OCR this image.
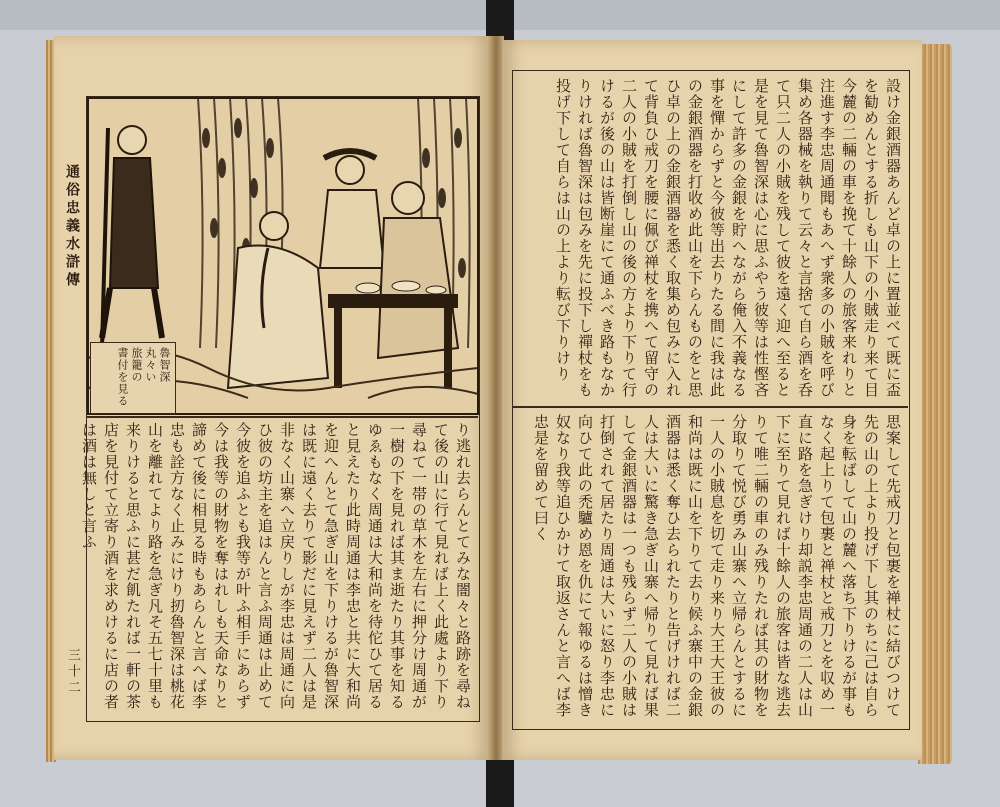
通俗忠義水滸傳
三十二
魯智深
丸々い
旅籠の
書付を見る
り逃れ去らんとてみな闇々と路跡を尋ねて後の山に行て見れば上く此處より下り尋ねて一帯の草木を左右に押分け周通が一樹の下を見れば其ま逝たり其事を知るゆゑもなく周通は大和尚を待佗ひて居ると見えたり此時周通は李忠と共に大和尚を迎へんとて急ぎ山を下りけるが魯智深は既に遠く去りて影だに見えず二人は是非なく山寨へ立戻りしが李忠は周通に向ひ彼の坊主を追はんと言ふ周通は止めて今彼を追ふとも我等が叶ふ相手にあらず今は我等の財物を奪はれしも天命なりと諦めて後に相見る時もあらんと言へば李忠も詮方なく止みにけり扨魯智深は桃花山を離れてより路を急ぎ凡そ五七十里も来りけると思ふに甚だ飢たれば一軒の茶店を見付て立寄り酒を求めけるに店の者は酒は無しと言ふ
設け金銀酒器あんど卓の上に置並べて既に盃を勧めんとする折しも山下の小賊走り来て目今麓の二輛の車を挽て十餘人の旅客来れりと注進す李忠周通聞もあへず衆多の小賊を呼び集め各器械を執りて云々と言捨て自ら酒を呑て只二人の小賊を残して彼を遠く迎へ至ると是を見て魯智深は心に思ふやう彼等は性慳吝にして許多の金銀を貯へながら俺入不義なる事を憚からずと今彼等出去りたる間に我は此の金銀酒器を打收め此山を下らんものをと思ひ卓の上の金銀酒器を悉く取集め包みに入れて背負ひ戒刀を腰に佩び禅杖を携へて留守の二人の小賊を打倒し山の後の方より下りて行けるが後の山は皆断崖にて通ふべき路もなかりければ魯智深は包みを先に投下し禪杖をも投げ下して自らは山の上より転び下りけり
思案して先戒刀と包裹を禅杖に結びつけて先の山の上より投げ下し其のちに己は自ら身を転ばして山の麓へ落ち下りけるが事もなく起上りて包裹と禅杖と戒刀とを収め一直に路を急ぎけり却説李忠周通の二人は山下に至りて見れば十餘人の旅客は皆な逃去りて唯二輛の車のみ残りたれば其の財物を分取りて悦び勇み山寨へ立帰らんとするに一人の小賊息を切て走り来り大王大王彼の和尚は既に山を下りて去り候ふ寨中の金銀酒器は悉く奪ひ去られたりと告げければ二人は大いに驚き急ぎ山寨へ帰りて見れば果して金銀酒器は一つも残らず二人の小賊は打倒されて居たり周通は大いに怒り李忠に向ひて此の禿驢め恩を仇にて報ゆるは憎き奴なり我等追ひかけて取返さんと言へば李忠是を留めて曰く
